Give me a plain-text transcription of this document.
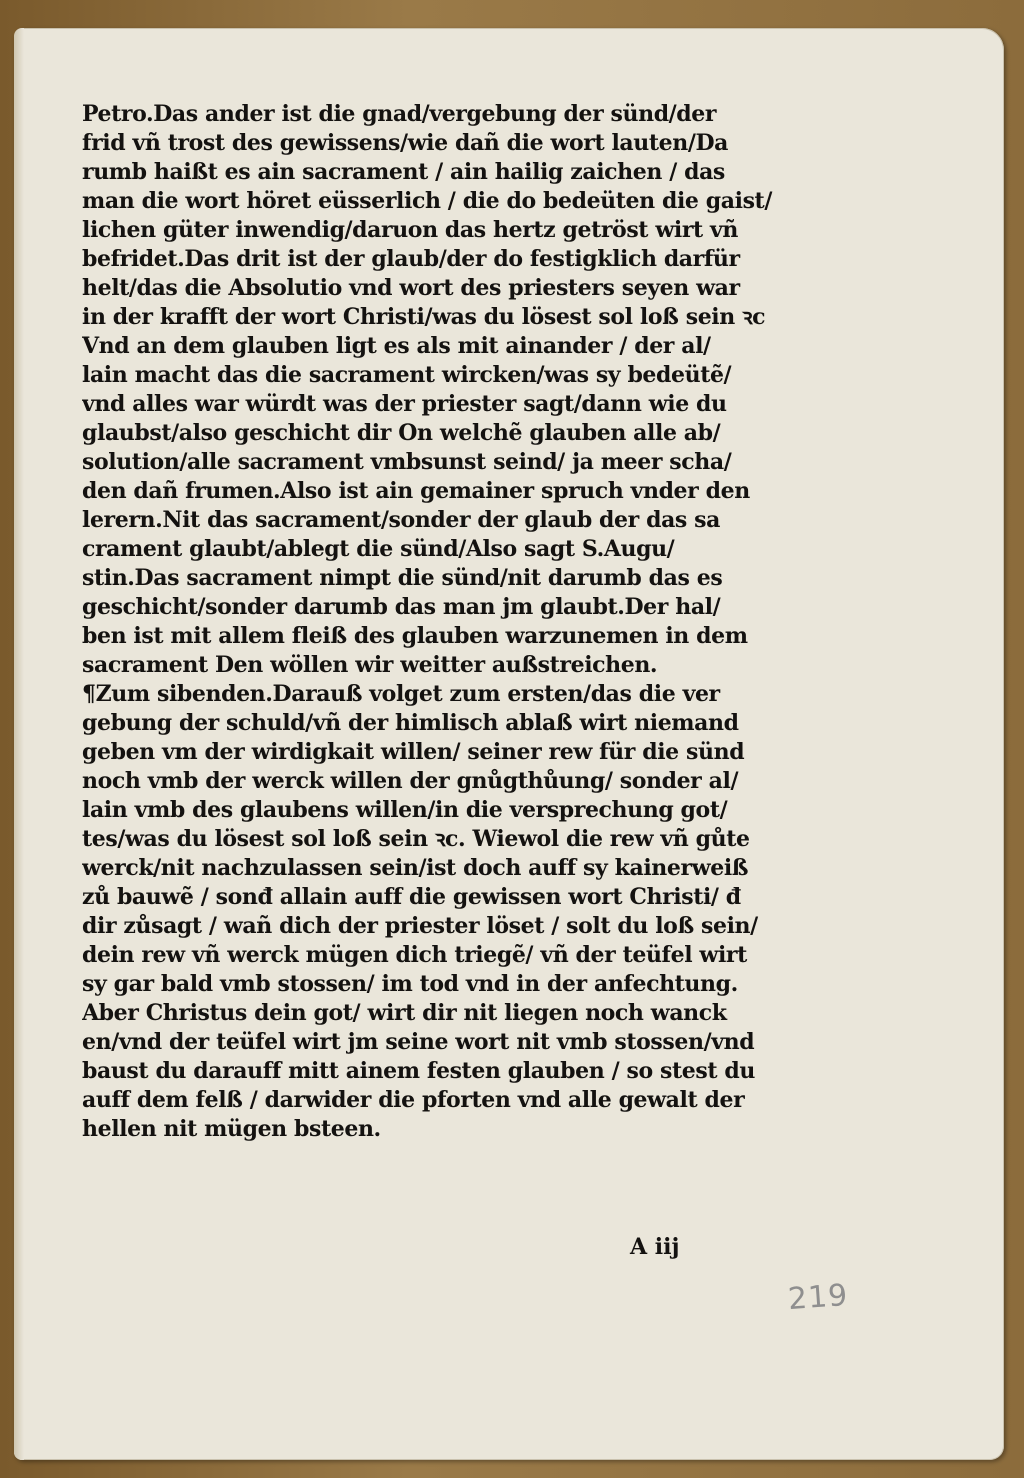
Petro.Das ander ist die gnad/vergebung der sünd/der
frid vñ trost des gewissens/wie dañ die wort lauten/Da
rumb haißt es ain sacrament / ain hailig zaichen / das
man die wort höret eüsserlich / die do bedeüten die gaist/
lichen güter inwendig/daruon das hertz getröst wirt vñ
befridet.Das drit ist der glaub/der do festigklich darfür
helt/das die Absolutio vnd wort des priesters seyen war
in der krafft der wort Christi/was du lösest sol loß sein ꝛc
Vnd an dem glauben ligt es als mit ainander / der al/
lain macht das die sacrament wircken/was sy bedeütẽ/
vnd alles war würdt was der priester sagt/dann wie du
glaubst/also geschicht dir On welchẽ glauben alle ab/
solution/alle sacrament vmbsunst seind/ ja meer scha/
den dañ frumen.Also ist ain gemainer spruch vnder den
lerern.Nit das sacrament/sonder der glaub der das sa
crament glaubt/ablegt die sünd/Also sagt S.Augu/
stin.Das sacrament nimpt die sünd/nit darumb das es
geschicht/sonder darumb das man jm glaubt.Der hal/
ben ist mit allem fleiß des glauben warzunemen in dem
sacrament Den wöllen wir weitter außstreichen.
¶Zum sibenden.Darauß volget zum ersten/das die ver
gebung der schuld/vñ der himlisch ablaß wirt niemand
geben vm der wirdigkait willen/ seiner rew für die sünd
noch vmb der werck willen der gnůgthůung/ sonder al/
lain vmb des glaubens willen/in die versprechung got/
tes/was du lösest sol loß sein ꝛc. Wiewol die rew vñ gůte
werck/nit nachzulassen sein/ist doch auff sy kainerweiß
zů bauwẽ / sonđ allain auff die gewissen wort Christi/ đ
dir zůsagt / wañ dich der priester löset / solt du loß sein/
dein rew vñ werck mügen dich triegẽ/ vñ der teüfel wirt
sy gar bald vmb stossen/ im tod vnd in der anfechtung.
Aber Christus dein got/ wirt dir nit liegen noch wanck
en/vnd der teüfel wirt jm seine wort nit vmb stossen/vnd
baust du darauff mitt ainem festen glauben / so stest du
auff dem felß / darwider die pforten vnd alle gewalt der
hellen nit mügen bsteen.
A iij
219
